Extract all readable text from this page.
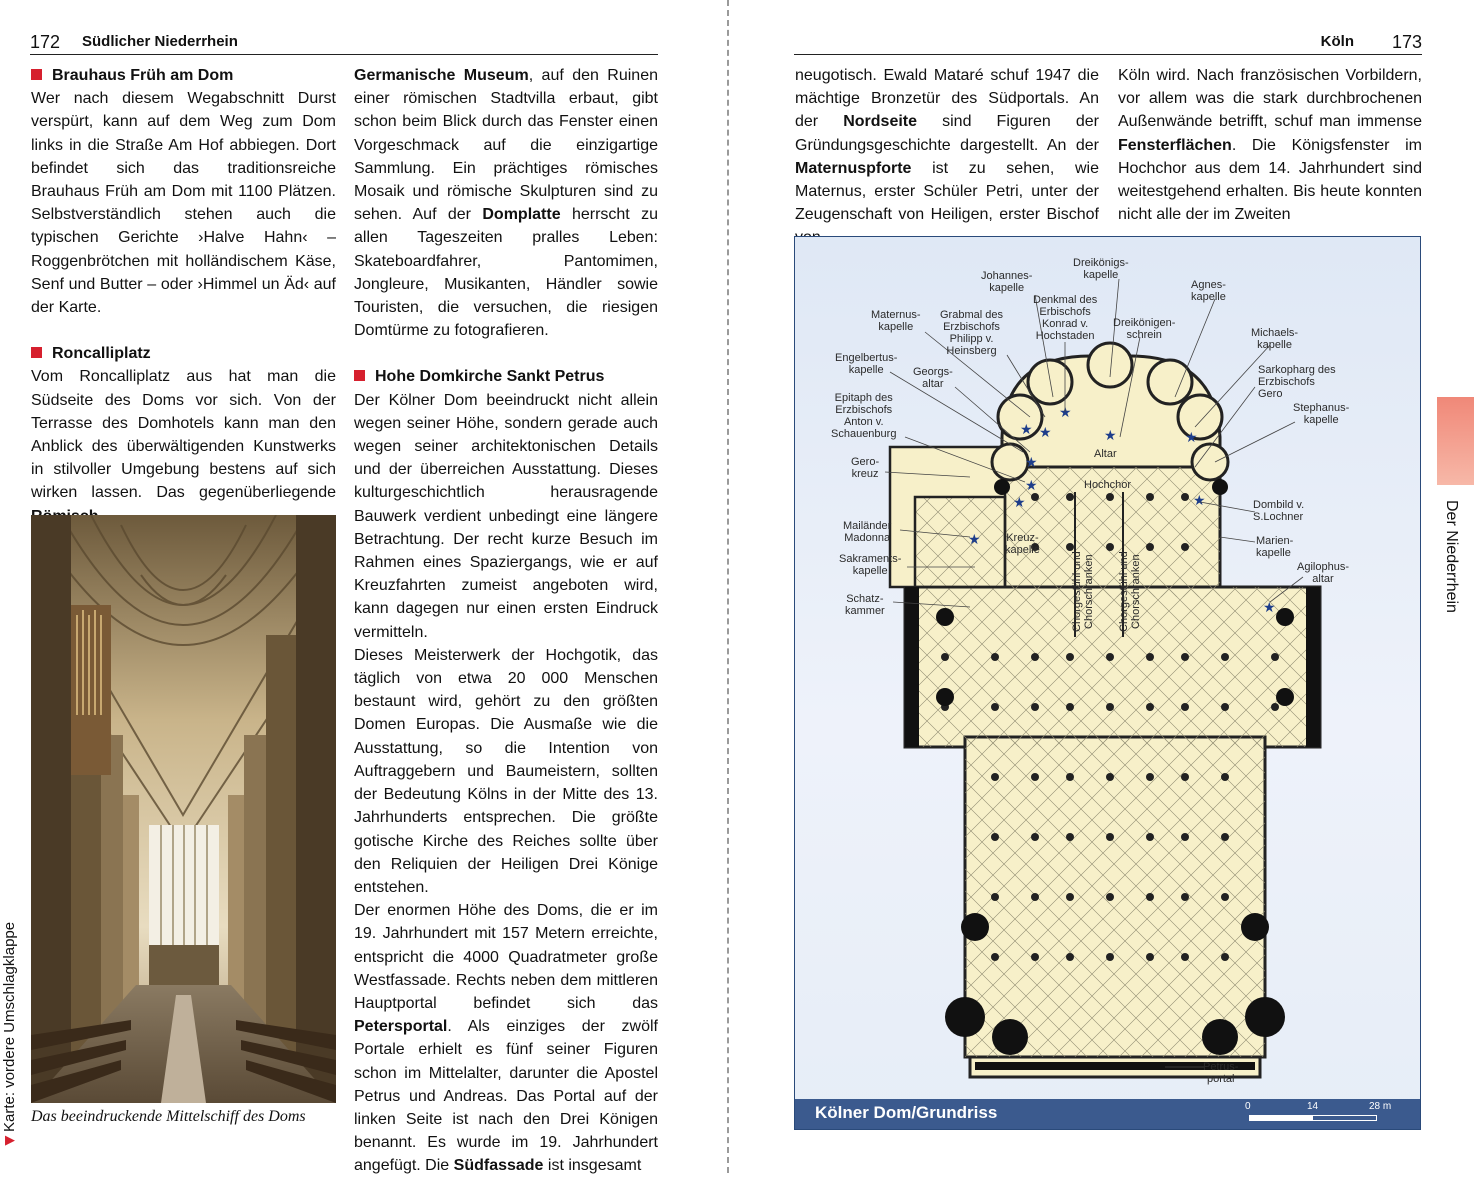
172 Südlicher Niederrhein
Brauhaus Früh am Dom

Wer nach diesem Wegabschnitt Durst verspürt, kann auf dem Weg zum Dom links in die Straße Am Hof abbiegen. Dort befindet sich das traditionsreiche Brauhaus Früh am Dom mit 1100 Plätzen. Selbstverständlich stehen auch die typischen Gerichte ›Halve Hahn‹ –Roggenbrötchen mit holländischem Käse, Senf und Butter – oder ›Himmel un Äd‹ auf der Karte.

Roncalliplatz

Vom Roncalliplatz aus hat man die Südseite des Doms vor sich. Von der Terrasse des Domhotels kann man den Anblick des überwältigenden Kunstwerks in stilvoller Umgebung bestens auf sich wirken lassen. Das gegenüberliegende

Das beeindruckende Mittelschiff des Doms
▶Karte: vordere Umschlagklappe

Germanische Museum, auf den Ruinen einer römischen Stadtvilla erbaut, gibt schon beim Blick durch das Fenster einen Vorgeschmack auf die einzigartige Sammlung. Ein prächtiges römisches Mosaik und römische Skulpturen sind zu sehen. Auf der Domplatte herrscht zu allen Tageszeiten pralles Leben: Skateboardfahrer, Pantomimen, Jongleure, Musikanten, Händler sowie Touristen, die versuchen, die riesigen Domtürme zu fotografieren.

Hohe Domkirche Sankt Petrus

Der Kölner Dom beeindruckt nicht allein wegen seiner Höhe, sondern gerade auch wegen seiner architektonischen Details und der überreichen Ausstattung. Dieses kulturgeschichtlich herausragende Bauwerk verdient unbedingt eine längere Betrachtung. Der recht kurze Besuch im Rahmen eines Spaziergangs, wie er auf Kreuzfahrten zumeist angeboten wird, kann dagegen nur einen ersten Eindruck vermitteln.

Dieses Meisterwerk der Hochgotik, das täglich von etwa 20 000 Menschen bestaunt wird, gehört zu den größten Domen Europas. Die Ausmaße wie die Ausstattung, so die Intention von Auftraggebern und Baumeistern, sollten der Bedeutung Kölns in der Mitte des 13. Jahrhunderts entsprechen. Die größte gotische Kirche des Reiches sollte über den Reliquien der Heiligen Drei Könige entstehen.

Der enormen Höhe des Doms, die er im 19. Jahrhundert mit 157 Metern erreichte, entspricht die 4000 Quadratmeter große Westfassade. Rechts neben dem mittleren Hauptportal befindet sich das Petersportal. Als einziges der zwölf Portale erhielt es fünf seiner Figuren schon im Mittelalter, darunter die Apostel Petrus und Andreas. Das Portal auf der linken Seite ist nach den Drei Königen benannt. Es wurde im 19. Jahrhundert angefügt. Die Südfassade ist insgesamt

Köln 173

neugotisch. Ewald Mataré schuf 1947 die mächtige Bronzetür des Südportals. An der Nordseite sind Figuren der Gründungsgeschichte dargestellt. An der Maternuspforte ist zu sehen, wie Maternus, erster Schüler Petri, unter der Zeugenschaft von Heiligen, erster Bischof

Köln wird. Nach französischen Vorbildern, vor allem was die stark durchbrochenen Außenwände betrifft, schuf man immense Fensterflächen. Die Königsfenster im Hochchor aus dem 14. Jahrhundert sind weitestgehend erhalten. Bis heute konnten nicht alle der im Zweiten

Der Niederrhein
★
★
★	★	★
★
★
★	★
★
★
Dreikönigs-
kapelle
Johannes-
kapelle	Agnes-
kapelle
Denkmal des
Erbischofs
Konrad v.
Hochstaden
Maternus-
kapelle
Grabmal des
Erzbischofs
Philipp v.
Heinsberg
Dreikönigen-
schrein	Michaels-
kapelle
Engelbertus-
kapelle	Georgs-
altar
Sarkopharg des
Erzbischofs
Gero
Epitaph des
Erzbischofs
Anton v.
Schauenburg
Stephanus-
kapelle
Altar
Gero-
kreuz
Hochchor
Dombild v.
S.Lochner
Mailänder
Madonna	Kreuz-
kapelle
Marien-
kapelle
Sakraments-
kapelle	Agilophus-
altar
Schatz-
kammer	Chorgestühl und
Chorschranken Chorgestühl und
Chorschranken
Petrus-
portal
Kölner Dom/Grundriss	0	14	28 m
